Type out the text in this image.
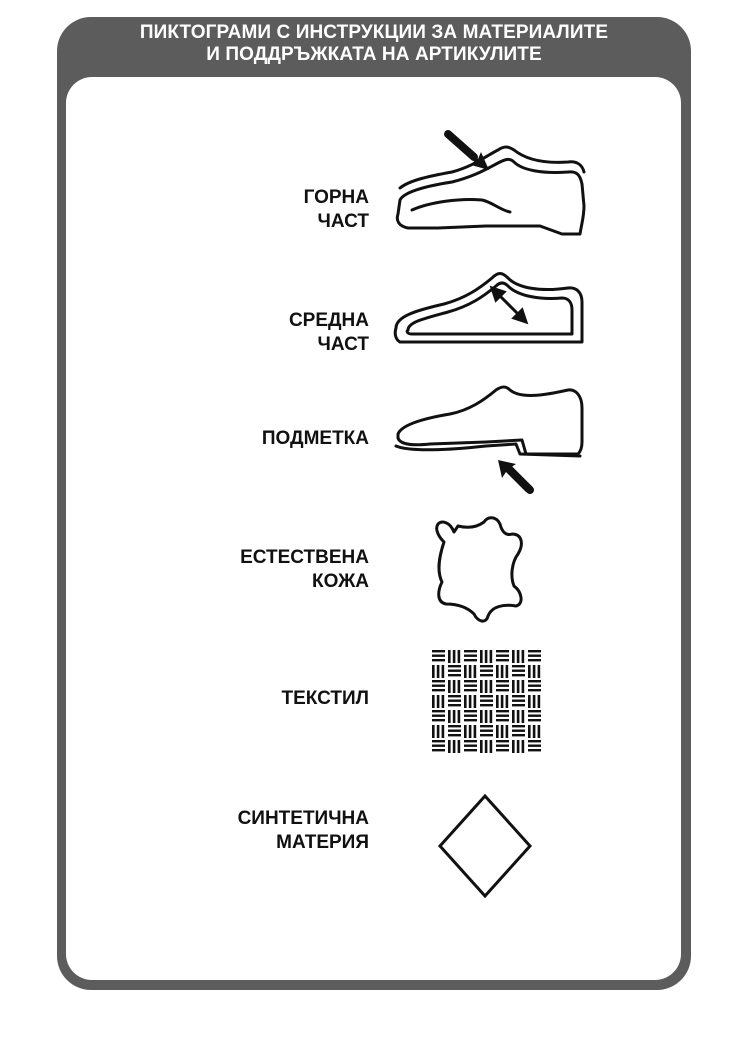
ПИКТОГРАМИ С ИНСТРУКЦИИ ЗА МАТЕРИАЛИТЕ
И ПОДДРЪЖКАТА НА АРТИКУЛИТЕ
ГОРНА
ЧАСТ
СРЕДНА
ЧАСТ
ПОДМЕТКА
ЕСТЕСТВЕНА
КОЖА
ТЕКСТИЛ
СИНТЕТИЧНА
МАТЕРИЯ
